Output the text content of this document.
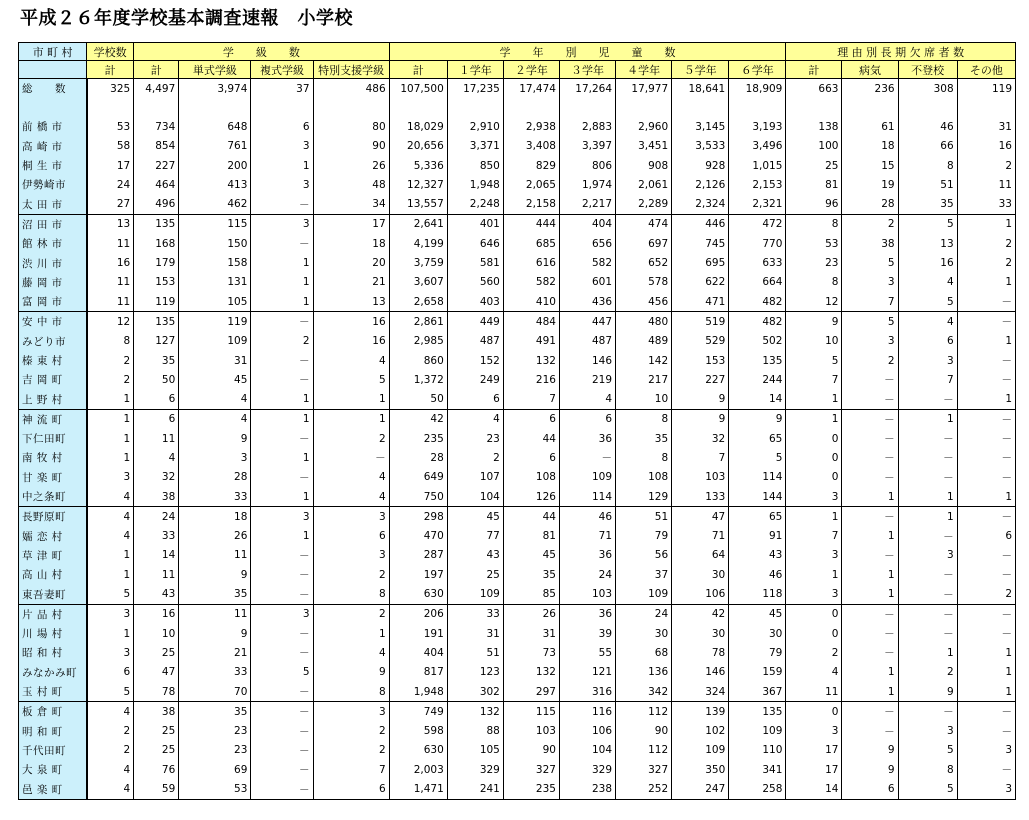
平成２６年度学校基本調査速報　小学校
市 町 村	学校数	学　　級　　数				学　　年　　別　　児　　童　　数							理 由 別 長 期 欠 席 者 数			
	計	計	単式学級	複式学級	特別支援学級	計	１学年	２学年	３学年	４学年	５学年	６学年	計	病気	不登校	その他
総　　数	325	4,497	3,974	37	486	107,500	17,235	17,474	17,264	17,977	18,641	18,909	663	236	308	119

前 橋 市	53	734	648	6	80	18,029	2,910	2,938	2,883	2,960	3,145	3,193	138	61	46	31
高 崎 市	58	854	761	3	90	20,656	3,371	3,408	3,397	3,451	3,533	3,496	100	18	66	16
桐 生 市	17	227	200	1	26	5,336	850	829	806	908	928	1,015	25	15	8	2
伊勢崎市	24	464	413	3	48	12,327	1,948	2,065	1,974	2,061	2,126	2,153	81	19	51	11
太 田 市	27	496	462	－	34	13,557	2,248	2,158	2,217	2,289	2,324	2,321	96	28	35	33
沼 田 市	13	135	115	3	17	2,641	401	444	404	474	446	472	8	2	5	1
館 林 市	11	168	150	－	18	4,199	646	685	656	697	745	770	53	38	13	2
渋 川 市	16	179	158	1	20	3,759	581	616	582	652	695	633	23	5	16	2
藤 岡 市	11	153	131	1	21	3,607	560	582	601	578	622	664	8	3	4	1
富 岡 市	11	119	105	1	13	2,658	403	410	436	456	471	482	12	7	5	－
安 中 市	12	135	119	－	16	2,861	449	484	447	480	519	482	9	5	4	－
みどり市	8	127	109	2	16	2,985	487	491	487	489	529	502	10	3	6	1
榛 東 村	2	35	31	－	4	860	152	132	146	142	153	135	5	2	3	－
吉 岡 町	2	50	45	－	5	1,372	249	216	219	217	227	244	7	－	7	－
上 野 村	1	6	4	1	1	50	6	7	4	10	9	14	1	－	－	1
神 流 町	1	6	4	1	1	42	4	6	6	8	9	9	1	－	1	－
下仁田町	1	11	9	－	2	235	23	44	36	35	32	65	0	－	－	－
南 牧 村	1	4	3	1	－	28	2	6	－	8	7	5	0	－	－	－
甘 楽 町	3	32	28	－	4	649	107	108	109	108	103	114	0	－	－	－
中之条町	4	38	33	1	4	750	104	126	114	129	133	144	3	1	1	1
長野原町	4	24	18	3	3	298	45	44	46	51	47	65	1	－	1	－
嬬 恋 村	4	33	26	1	6	470	77	81	71	79	71	91	7	1	－	6
草 津 町	1	14	11	－	3	287	43	45	36	56	64	43	3	－	3	－
高 山 村	1	11	9	－	2	197	25	35	24	37	30	46	1	1	－	－
東吾妻町	5	43	35	－	8	630	109	85	103	109	106	118	3	1	－	2
片 品 村	3	16	11	3	2	206	33	26	36	24	42	45	0	－	－	－
川 場 村	1	10	9	－	1	191	31	31	39	30	30	30	0	－	－	－
昭 和 村	3	25	21	－	4	404	51	73	55	68	78	79	2	－	1	1
みなかみ町	6	47	33	5	9	817	123	132	121	136	146	159	4	1	2	1
玉 村 町	5	78	70	－	8	1,948	302	297	316	342	324	367	11	1	9	1
板 倉 町	4	38	35	－	3	749	132	115	116	112	139	135	0	－	－	－
明 和 町	2	25	23	－	2	598	88	103	106	90	102	109	3	－	3	－
千代田町	2	25	23	－	2	630	105	90	104	112	109	110	17	9	5	3
大 泉 町	4	76	69	－	7	2,003	329	327	329	327	350	341	17	9	8	－
邑 楽 町	4	59	53	－	6	1,471	241	235	238	252	247	258	14	6	5	3
